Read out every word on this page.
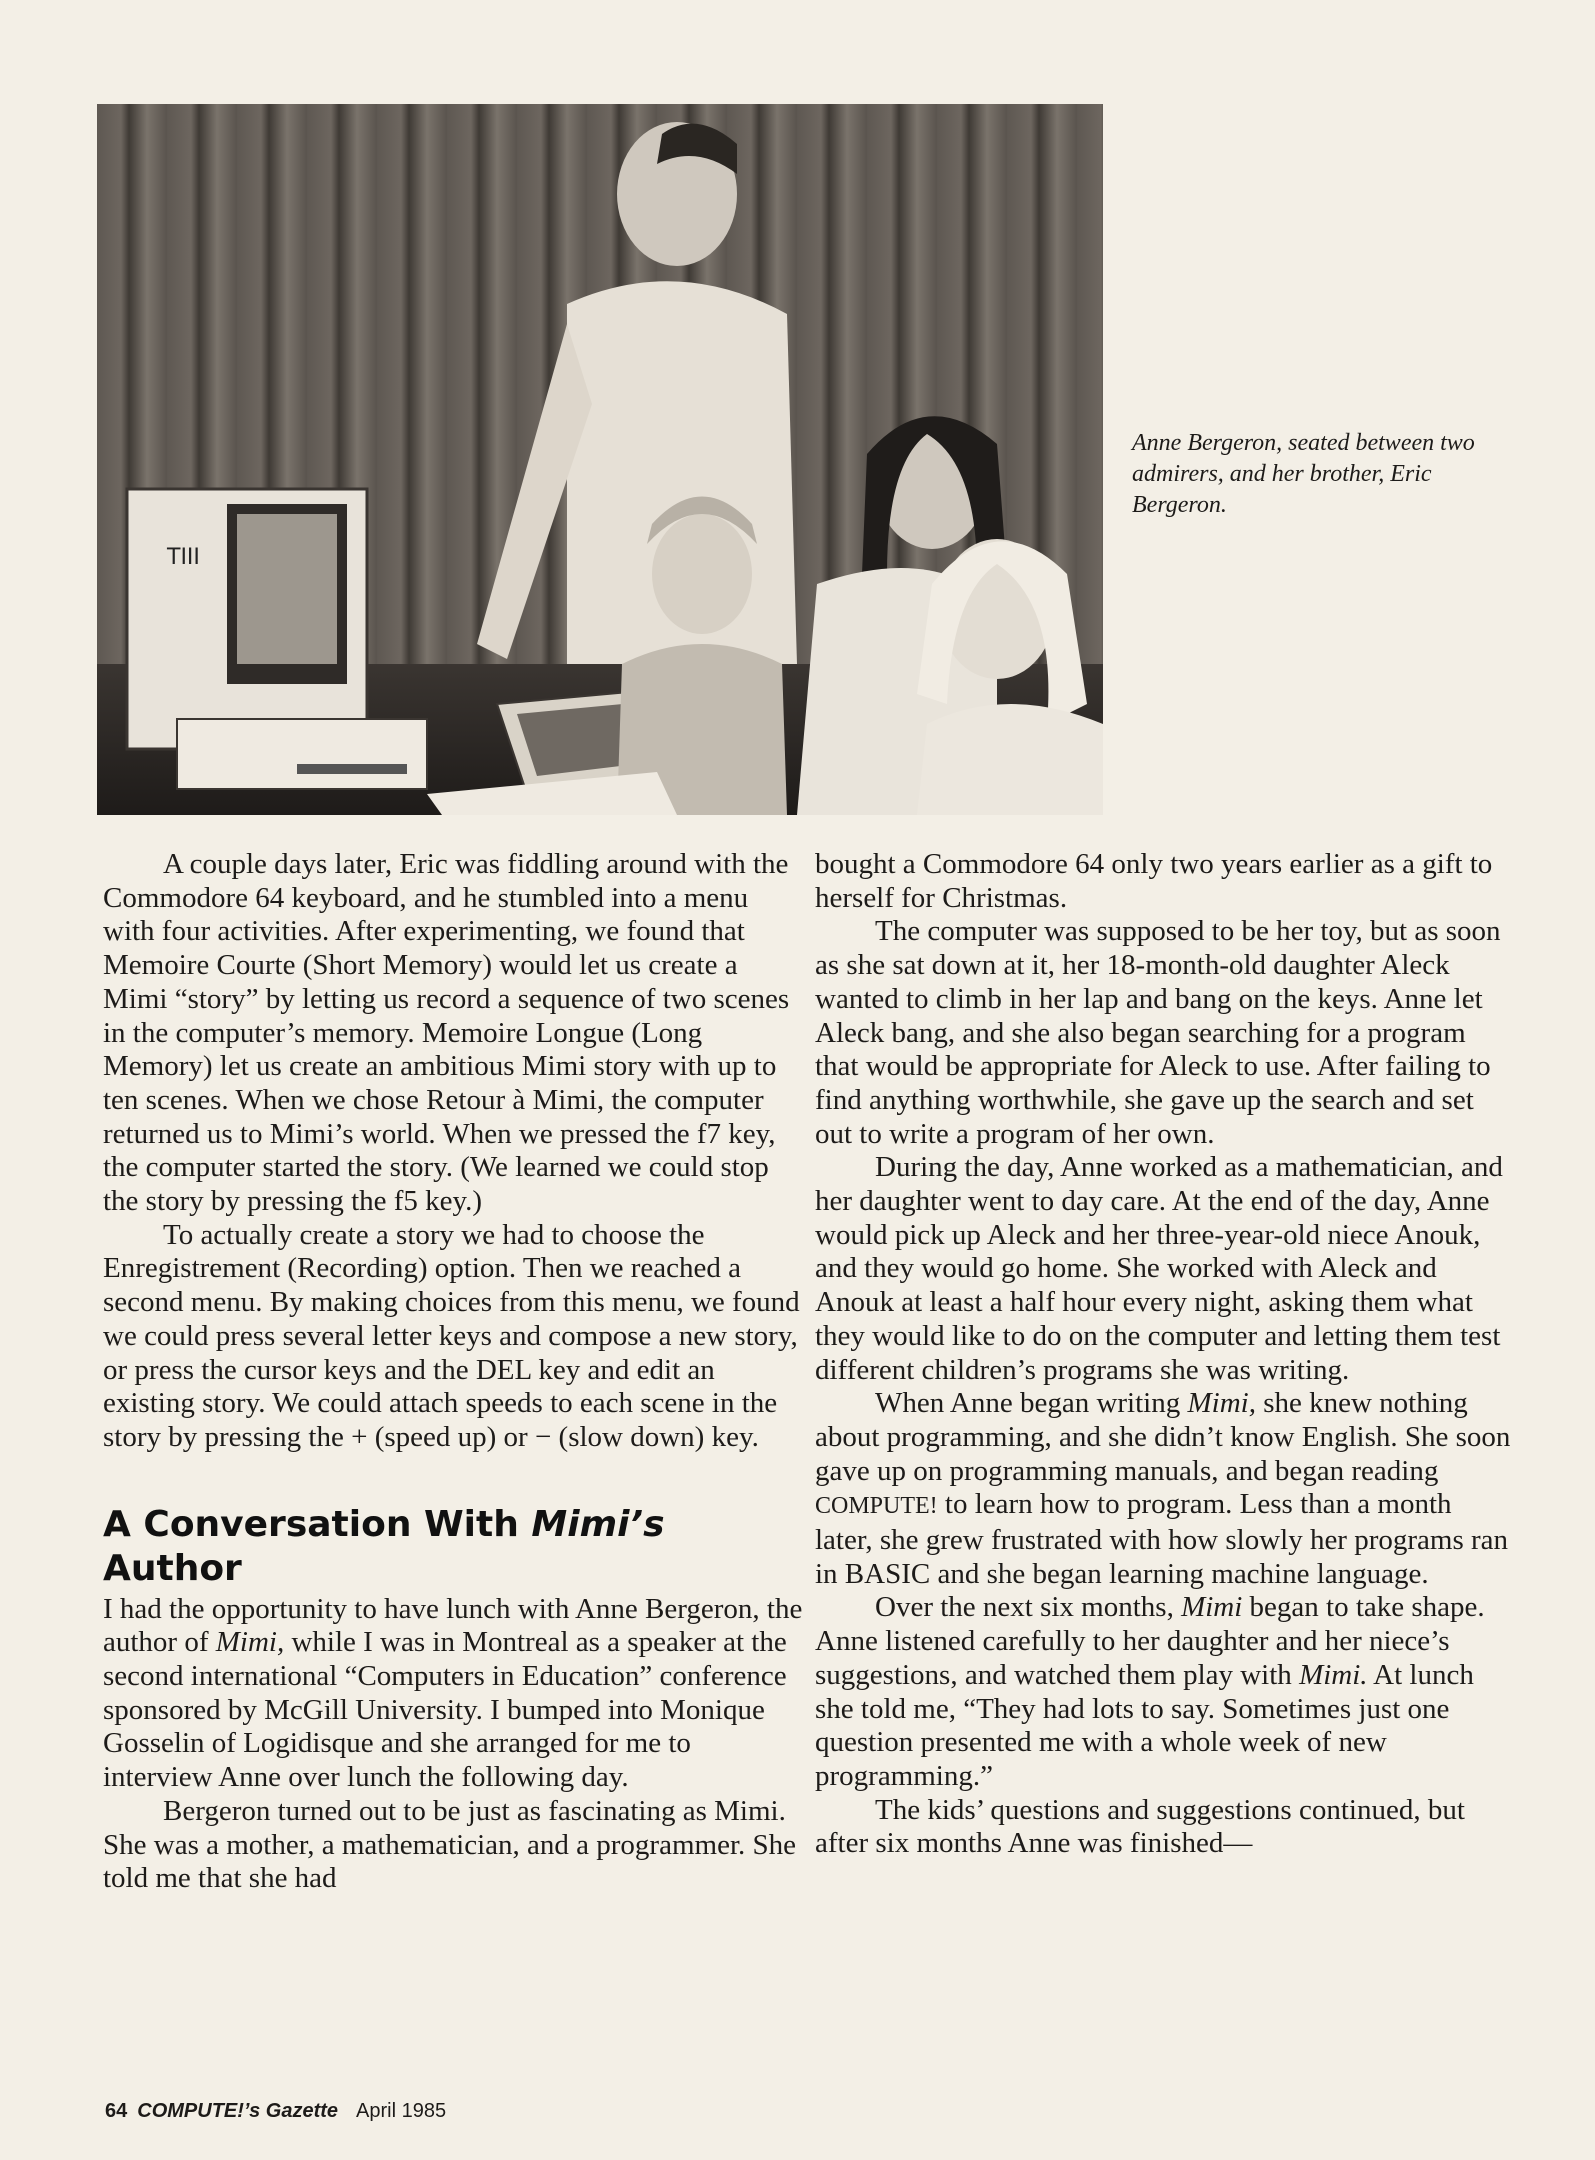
TIII
Anne Bergeron, seated between two admirers, and her brother, Eric Bergeron.

A couple days later, Eric was fiddling around with the Commodore 64 keyboard, and he stumbled into a menu with four activities. After experimenting, we found that Memoire Courte (Short Memory) would let us create a Mimi “story” by letting us record a sequence of two scenes in the computer’s memory. Memoire Longue (Long Memory) let us create an ambitious Mimi story with up to ten scenes. When we chose Retour à Mimi, the computer returned us to Mimi’s world. When we pressed the f7 key, the computer started the story. (We learned we could stop the story by pressing the f5 key.)

To actually create a story we had to choose the Enregistrement (Recording) option. Then we reached a second menu. By making choices from this menu, we found we could press several letter keys and compose a new story, or press the cursor keys and the DEL key and edit an existing story. We could attach speeds to each scene in the story by pressing the + (speed up) or − (slow down) key.

A Conversation With Mimi’s Author

I had the opportunity to have lunch with Anne Bergeron, the author of Mimi, while I was in Montreal as a speaker at the second international “Computers in Education” conference sponsored by McGill University. I bumped into Monique Gosselin of Logidisque and she arranged for me to interview Anne over lunch the following day.

Bergeron turned out to be just as fascinating as Mimi. She was a mother, a mathematician, and a programmer. She told me that she had

bought a Commodore 64 only two years earlier as a gift to herself for Christmas.

The computer was supposed to be her toy, but as soon as she sat down at it, her 18-month-old daughter Aleck wanted to climb in her lap and bang on the keys. Anne let Aleck bang, and she also began searching for a program that would be appropriate for Aleck to use. After failing to find anything worthwhile, she gave up the search and set out to write a program of her own.

During the day, Anne worked as a mathematician, and her daughter went to day care. At the end of the day, Anne would pick up Aleck and her three-year-old niece Anouk, and they would go home. She worked with Aleck and Anouk at least a half hour every night, asking them what they would like to do on the computer and letting them test different children’s programs she was writing.

When Anne began writing Mimi, she knew nothing about programming, and she didn’t know English. She soon gave up on programming manuals, and began reading COMPUTE! to learn how to program. Less than a month later, she grew frustrated with how slowly her programs ran in BASIC and she began learning machine language.

Over the next six months, Mimi began to take shape. Anne listened carefully to her daughter and her niece’s suggestions, and watched them play with Mimi. At lunch she told me, “They had lots to say. Sometimes just one question presented me with a whole week of new programming.”

The kids’ questions and suggestions continued, but after six months Anne was finished—

64 COMPUTE!’s Gazette April 1985
